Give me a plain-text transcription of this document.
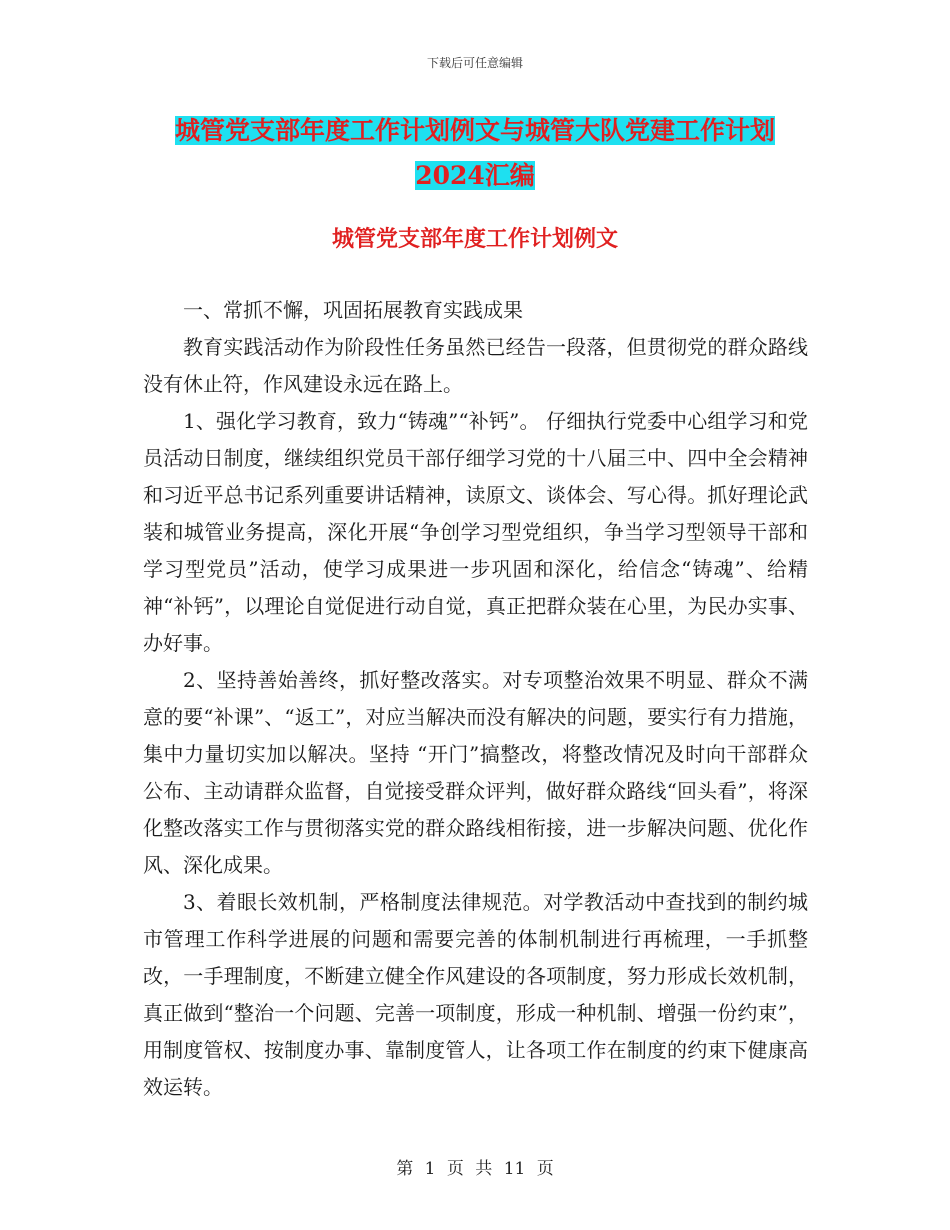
下载后可任意编辑
城管党支部年度工作计划例文与城管大队党建工作计划2024汇编
城管党支部年度工作计划例文

一、常抓不懈，巩固拓展教育实践成果

教育实践活动作为阶段性任务虽然已经告一段落，但贯彻党的群众路线没有休止符，作风建设永远在路上。

1、强化学习教育，致力“铸魂”“补钙”。 仔细执行党委中心组学习和党员活动日制度，继续组织党员干部仔细学习党的十八届三中、四中全会精神和习近平总书记系列重要讲话精神，读原文、谈体会、写心得。抓好理论武装和城管业务提高，深化开展“争创学习型党组织，争当学习型领导干部和学习型党员”活动，使学习成果进一步巩固和深化，给信念“铸魂”、给精神“补钙”，以理论自觉促进行动自觉，真正把群众装在心里，为民办实事、办好事。

2、坚持善始善终，抓好整改落实。对专项整治效果不明显、群众不满意的要“补课”、“返工”，对应当解决而没有解决的问题，要实行有力措施，集中力量切实加以解决。坚持 “开门”搞整改，将整改情况及时向干部群众公布、主动请群众监督，自觉接受群众评判，做好群众路线“回头看”，将深化整改落实工作与贯彻落实党的群众路线相衔接，进一步解决问题、优化作风、深化成果。

3、着眼长效机制，严格制度法律规范。对学教活动中查找到的制约城市管理工作科学进展的问题和需要完善的体制机制进行再梳理，一手抓整改，一手理制度，不断建立健全作风建设的各项制度，努力形成长效机制，真正做到“整治一个问题、完善一项制度，形成一种机制、增强一份约束”，用制度管权、按制度办事、靠制度管人，让各项工作在制度的约束下健康高效运转。

第 1 页 共 11 页
